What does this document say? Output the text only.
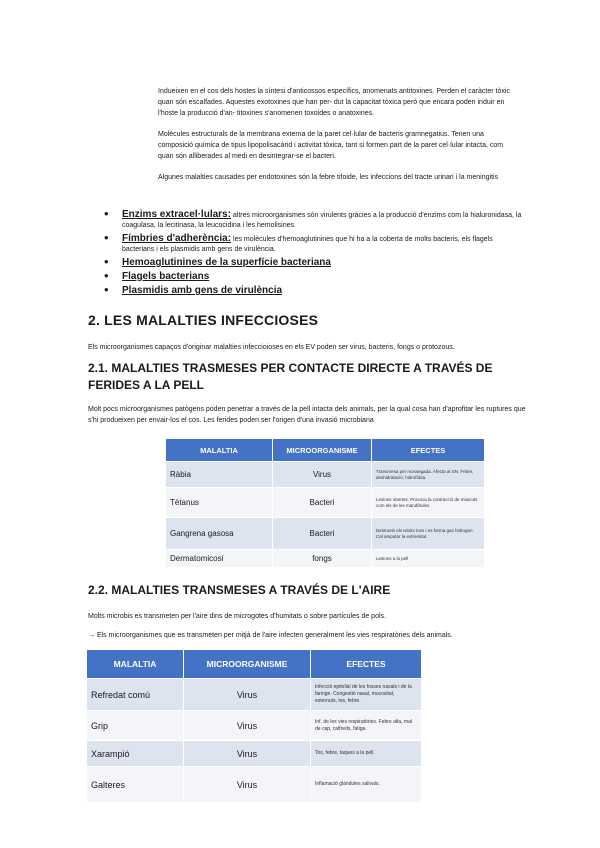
Indueixen en el cos dels hostes la síntesi d'anticossos específics, anomenats antitoxines. Perden el caràcter tòxic quan són escalfades. Aquestes exotoxines que han per- dut la capacitat tòxica però que encara poden induir en l'hoste la producció d'an- titoxines s'anomenen toxoides o anatoxines.

Molècules estructurals de la membrana externa de la paret cel·lular de bacteris gramnegatius. Tenen una composició química de tipus lipopolisacàrid i activitat tòxica, tant si formen part de la paret cel·lular intacta, com quan són alliberades al medi en desintegrar-se el bacteri.

Algunes malalties causades per endotoxines són la febre tifoide, les infeccions del tracte urinari i la meningitis

• Enzims extracel·lulars: altres microorganismes són virulents gràcies a la producció d'enzims com la hialuronidasa, la coagulasa, la lecitinasa, la leucocidina i les hemolisines.
• Fímbries d'adherència: les molècules d'hemoaglutinines que hi ha a la coberta de molts bacteris, els flagels bacterians i els plasmidis amb gens de virulència.
• Hemoaglutinines de la superfície bacteriana
• Flagels bacterians
• Plasmidis amb gens de virulència
2. LES MALALTIES INFECCIOSES

Els microorganismes capaços d'originar malalties infeccioioses en els EV poden ser virus, bacteris, fongs o protozous.

2.1. MALALTIES TRASMESES PER CONTACTE DIRECTE A TRAVÉS DE FERIDES A LA PELL

Molt pocs microorganismes patògens poden penetrar a través de la pell intacta dels animals, per la qual cosa han d'aprofitar les ruptures que s'hi produeixen per envair-los el cos. Les ferides poden ser l'origen d'una invasió microbiana

MALALTIA	MICROORGANISME	EFECTES
Ràbia	Virus	Transmesa per mossegada. Afecta al SN. Febre, deshidratació, hidrofòbia.
Tètanus	Bacteri	Lesions obertes. Provoca la contracció de músculs com els de les mandíbules.
Gangrena gasosa	Bacteri	Destrueix els teixits tovs i es forma gas hidrogen. Cal amputar la extremitat.
Dermatomicosi	fongs	Lesions a la pell
2.2. MALALTIES TRANSMESES A TRAVÉS DE L'AIRE

Molts microbis es transmeten per l'aire dins de microgotes d'humitats o sobre partícules de pols.

→ Els microorganismes que es transmeten per mitjà de l'aire infecten generalment les vies respiratòries dels animals.

MALALTIA	MICROORGANISME	EFECTES
Refredat comú	Virus	Infecció epitelial de les fosses nasals i de la faringe. Congestió nasal, mucositat, esternuts, tos, febre.
Grip	Virus	Inf. de les vies respiratòries. Febre alta, mal de cap, calfreds, fatiga.
Xarampió	Virus	Tos, febre, taques a la pell.
Galteres	Virus	Inflamació glàndules salivals.
